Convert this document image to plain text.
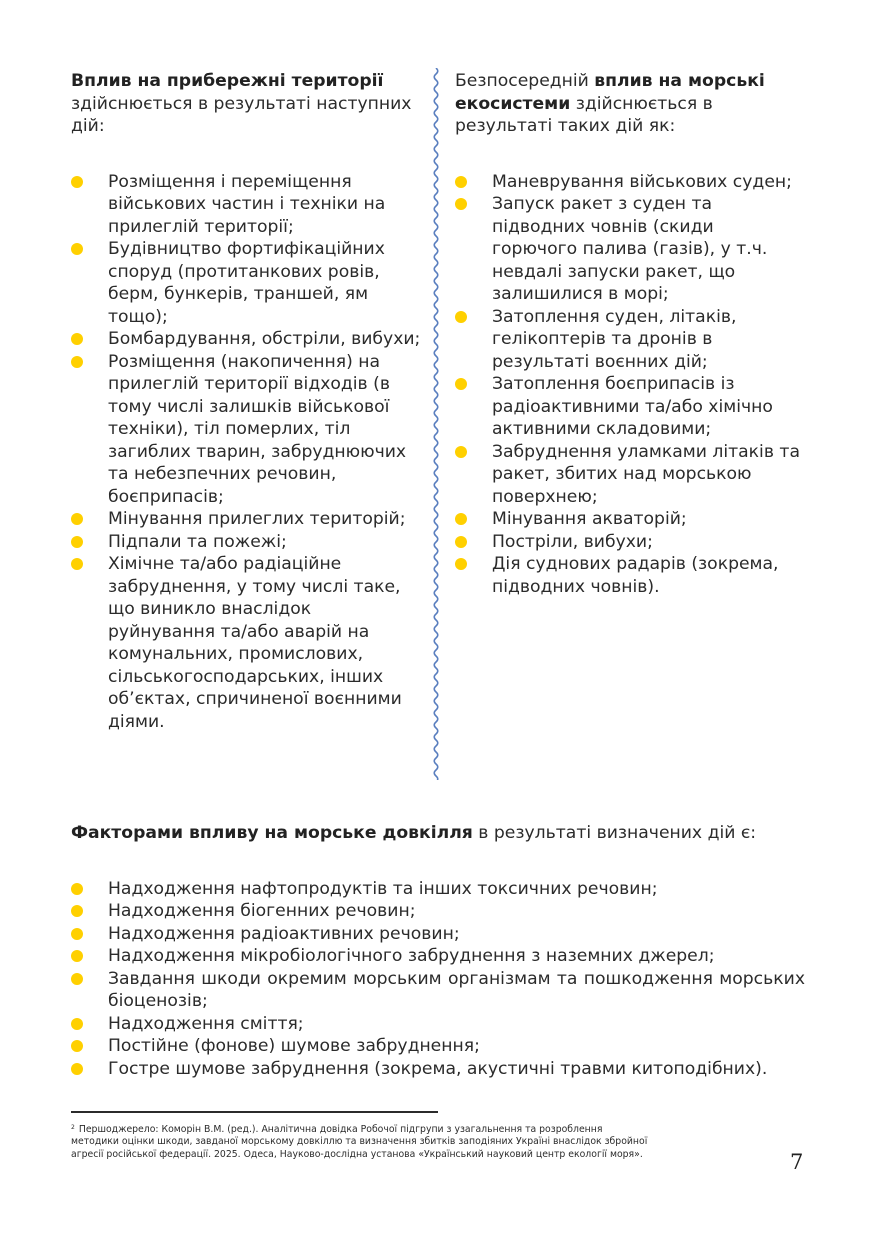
Вплив на прибережні території здійснюється в результаті наступних дій:

Розміщення і переміщення військових частин і техніки на прилеглій території;
Будівництво фортифікаційних споруд (протитанкових ровів, берм, бункерів, траншей, ям тощо);
Бомбардування, обстріли, вибухи;
Розміщення (накопичення) на прилеглій території відходів (в тому числі залишків військової техніки), тіл померлих, тіл загиблих тварин, забруднюючих та небезпечних речовин, боєприпасів;
Мінування прилеглих територій;
Підпали та пожежі;
Хімічне та/або радіаційне забруднення, у тому числі таке, що виникло внаслідок руйнування та/або аварій на комунальних, промислових, сільськогосподарських, інших об’єктах, спричиненої воєнними діями.

Безпосередній вплив на морські екосистеми здійснюється в результаті таких дій як:

Маневрування військових суден;
Запуск ракет з суден та підводних човнів (скиди горючого палива (газів), у т.ч. невдалі запуски ракет, що залишилися в морі;
Затоплення суден, літаків, гелікоптерів та дронів в результаті воєнних дій;
Затоплення боєприпасів із радіоактивними та/або хімічно активними складовими;
Забруднення уламками літаків та ракет, збитих над морською поверхнею;
Мінування акваторій;
Постріли, вибухи;
Дія суднових радарів (зокрема, підводних човнів).

Факторами впливу на морське довкілля в результаті визначених дій є:

Надходження нафтопродуктів та інших токсичних речовин;
Надходження біогенних речовин;
Надходження радіоактивних речовин;
Надходження мікробіологічного забруднення з наземних джерел;
Завдання шкоди окремим морським організмам та пошкодження морських біоценозів;
Надходження сміття;
Постійне (фонове) шумове забруднення;
Гостре шумове забруднення (зокрема, акустичні травми китоподібних).
$^2$ Першоджерело: Коморін В.М. (ред.). Аналітична довідка Робочої підгрупи з узагальнення та розроблення методики оцінки шкоди, завданої морському довкіллю та визначення збитків заподіяних Україні внаслідок збройної агресії російської федерації. 2025. Одеса, Науково-дослідна установа «Український науковий центр екології моря».	7
